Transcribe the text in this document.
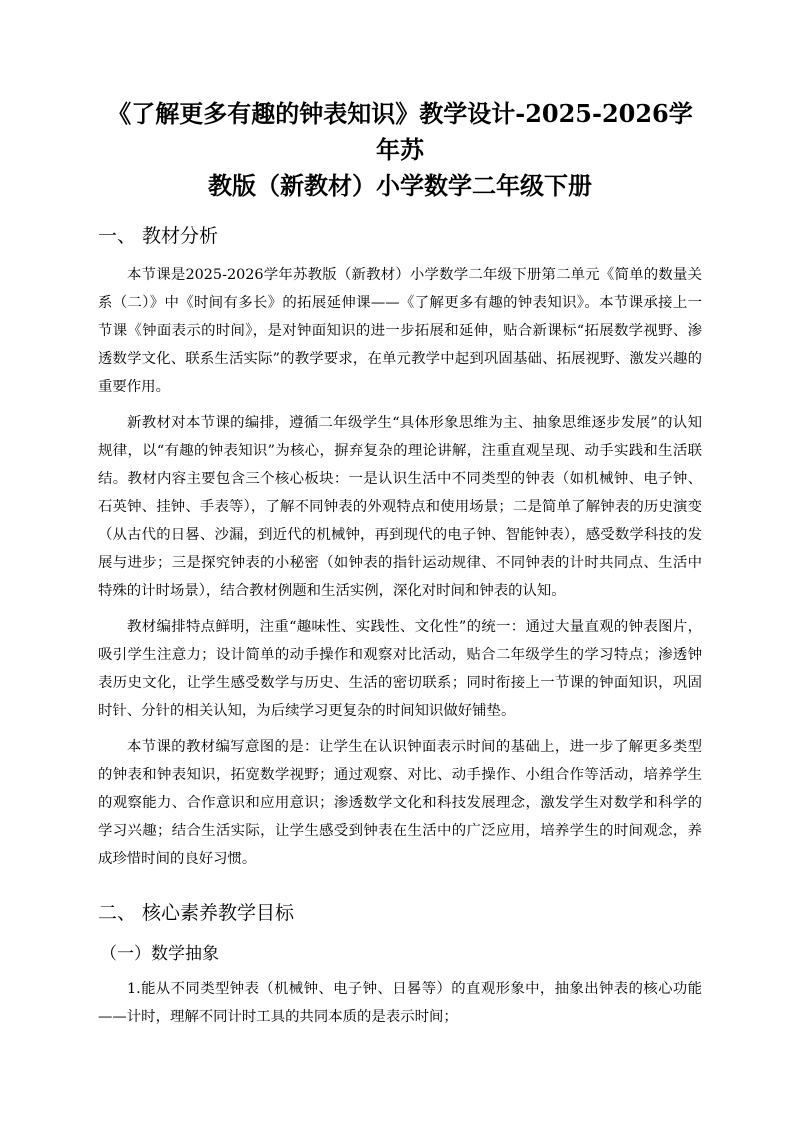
《了解更多有趣的钟表知识》教学设计-2025-2026学年苏
教版（新教材）小学数学二年级下册
一、 教材分析

本节课是2025-2026学年苏教版（新教材）小学数学二年级下册第二单元《简单的数量关系（二）》中《时间有多长》的拓展延伸课——《了解更多有趣的钟表知识》。本节课承接上一节课《钟面表示的时间》，是对钟面知识的进一步拓展和延伸，贴合新课标“拓展数学视野、渗透数学文化、联系生活实际”的教学要求，在单元教学中起到巩固基础、拓展视野、激发兴趣的重要作用。

新教材对本节课的编排，遵循二年级学生“具体形象思维为主、抽象思维逐步发展”的认知规律，以“有趣的钟表知识”为核心，摒弃复杂的理论讲解，注重直观呈现、动手实践和生活联结。教材内容主要包含三个核心板块：一是认识生活中不同类型的钟表（如机械钟、电子钟、石英钟、挂钟、手表等），了解不同钟表的外观特点和使用场景；二是简单了解钟表的历史演变（从古代的日晷、沙漏，到近代的机械钟，再到现代的电子钟、智能钟表），感受数学科技的发展与进步；三是探究钟表的小秘密（如钟表的指针运动规律、不同钟表的计时共同点、生活中特殊的计时场景），结合教材例题和生活实例，深化对时间和钟表的认知。

教材编排特点鲜明，注重“趣味性、实践性、文化性”的统一：通过大量直观的钟表图片，吸引学生注意力；设计简单的动手操作和观察对比活动，贴合二年级学生的学习特点；渗透钟表历史文化，让学生感受数学与历史、生活的密切联系；同时衔接上一节课的钟面知识，巩固时针、分针的相关认知，为后续学习更复杂的时间知识做好铺垫。

本节课的教材编写意图的是：让学生在认识钟面表示时间的基础上，进一步了解更多类型的钟表和钟表知识，拓宽数学视野；通过观察、对比、动手操作、小组合作等活动，培养学生的观察能力、合作意识和应用意识；渗透数学文化和科技发展理念，激发学生对数学和科学的学习兴趣；结合生活实际，让学生感受到钟表在生活中的广泛应用，培养学生的时间观念，养成珍惜时间的良好习惯。

二、 核心素养教学目标
（一）数学抽象

1.能从不同类型钟表（机械钟、电子钟、日晷等）的直观形象中，抽象出钟表的核心功能——计时，理解不同计时工具的共同本质的是表示时间；
